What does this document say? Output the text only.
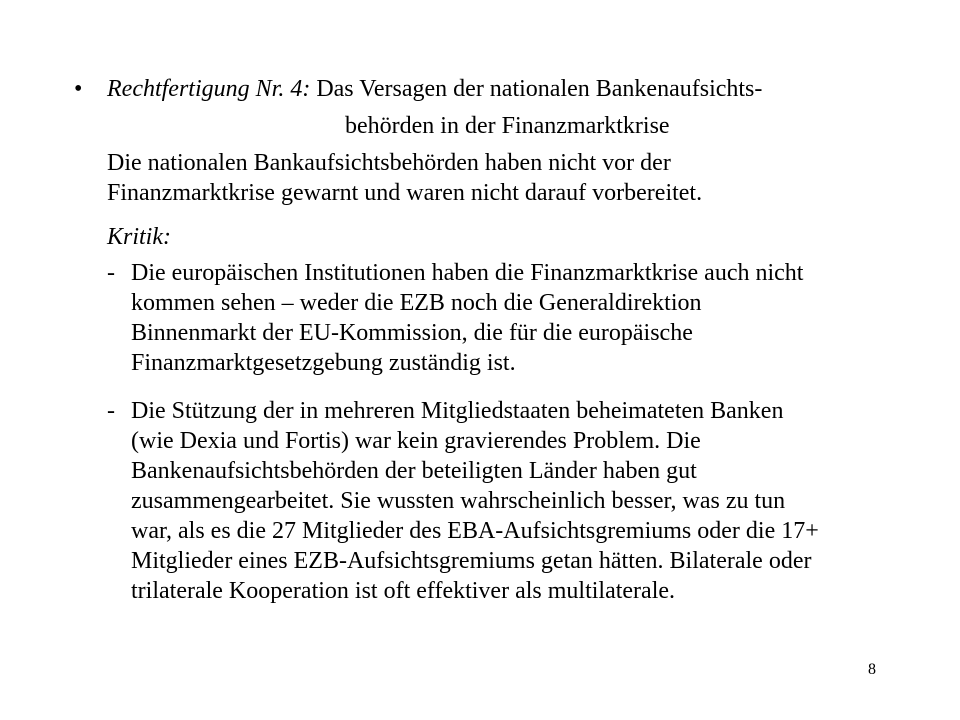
• Rechtfertigung Nr. 4: Das Versagen der nationalen Bankenaufsichts-
behörden in der Finanzmarktkrise
Die nationalen Bankaufsichtsbehörden haben nicht vor der
Finanzmarktkrise gewarnt und waren nicht darauf vorbereitet.
Kritik:
- Die europäischen Institutionen haben die Finanzmarktkrise auch nicht
kommen sehen – weder die EZB noch die Generaldirektion
Binnenmarkt der EU-Kommission, die für die europäische
Finanzmarktgesetzgebung zuständig ist.
- Die Stützung der in mehreren Mitgliedstaaten beheimateten Banken
(wie Dexia und Fortis) war kein gravierendes Problem. Die
Bankenaufsichtsbehörden der beteiligten Länder haben gut
zusammengearbeitet. Sie wussten wahrscheinlich besser, was zu tun
war, als es die 27 Mitglieder des EBA-Aufsichtsgremiums oder die 17+
Mitglieder eines EZB-Aufsichtsgremiums getan hätten. Bilaterale oder
trilaterale Kooperation ist oft effektiver als multilaterale.
8
